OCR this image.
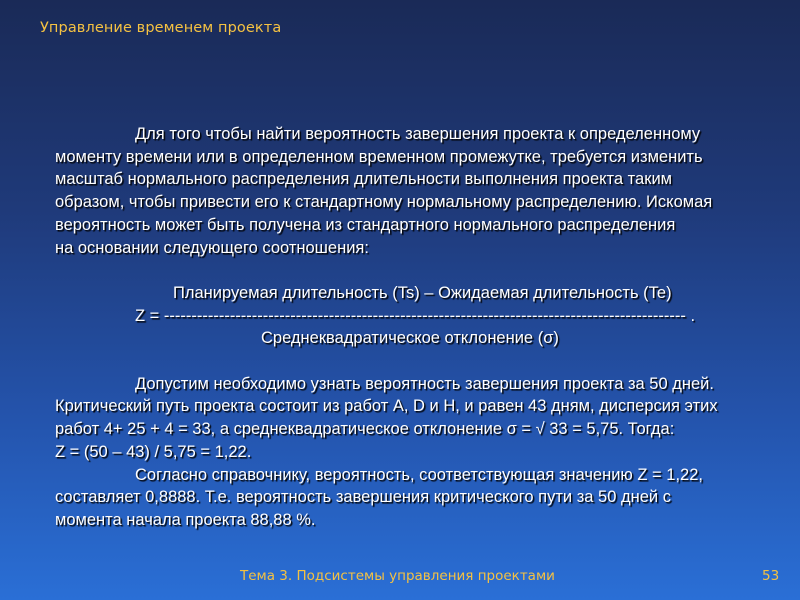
Управление временем проекта
Для того чтобы найти вероятность завершения проекта к определенному
моменту времени или в определенном временном промежутке, требуется изменить
масштаб нормального распределения длительности выполнения проекта таким
образом, чтобы привести его к стандартному нормальному распределению. Искомая
вероятность может быть получена из стандартного нормального распределения
на основании следующего соотношения:
Планируемая длительность (Ts) – Ожидаемая длительность (Te)
Z = ----------------------------------------------------------------------------------------------- .
Среднеквадратическое отклонение (σ)
Допустим необходимо узнать вероятность завершения проекта за 50 дней.
Критический путь проекта состоит из работ A, D и H, и равен 43 дням, дисперсия этих
работ 4+ 25 + 4 = 33, а среднеквадратическое отклонение σ = √ 33 = 5,75. Тогда:
Z = (50 – 43) / 5,75 = 1,22.
Согласно справочнику, вероятность, соответствующая значению Z = 1,22,
составляет 0,8888. Т.е. вероятность завершения критического пути за 50 дней с
момента начала проекта 88,88 %.
Тема 3. Подсистемы управления проектами	53
